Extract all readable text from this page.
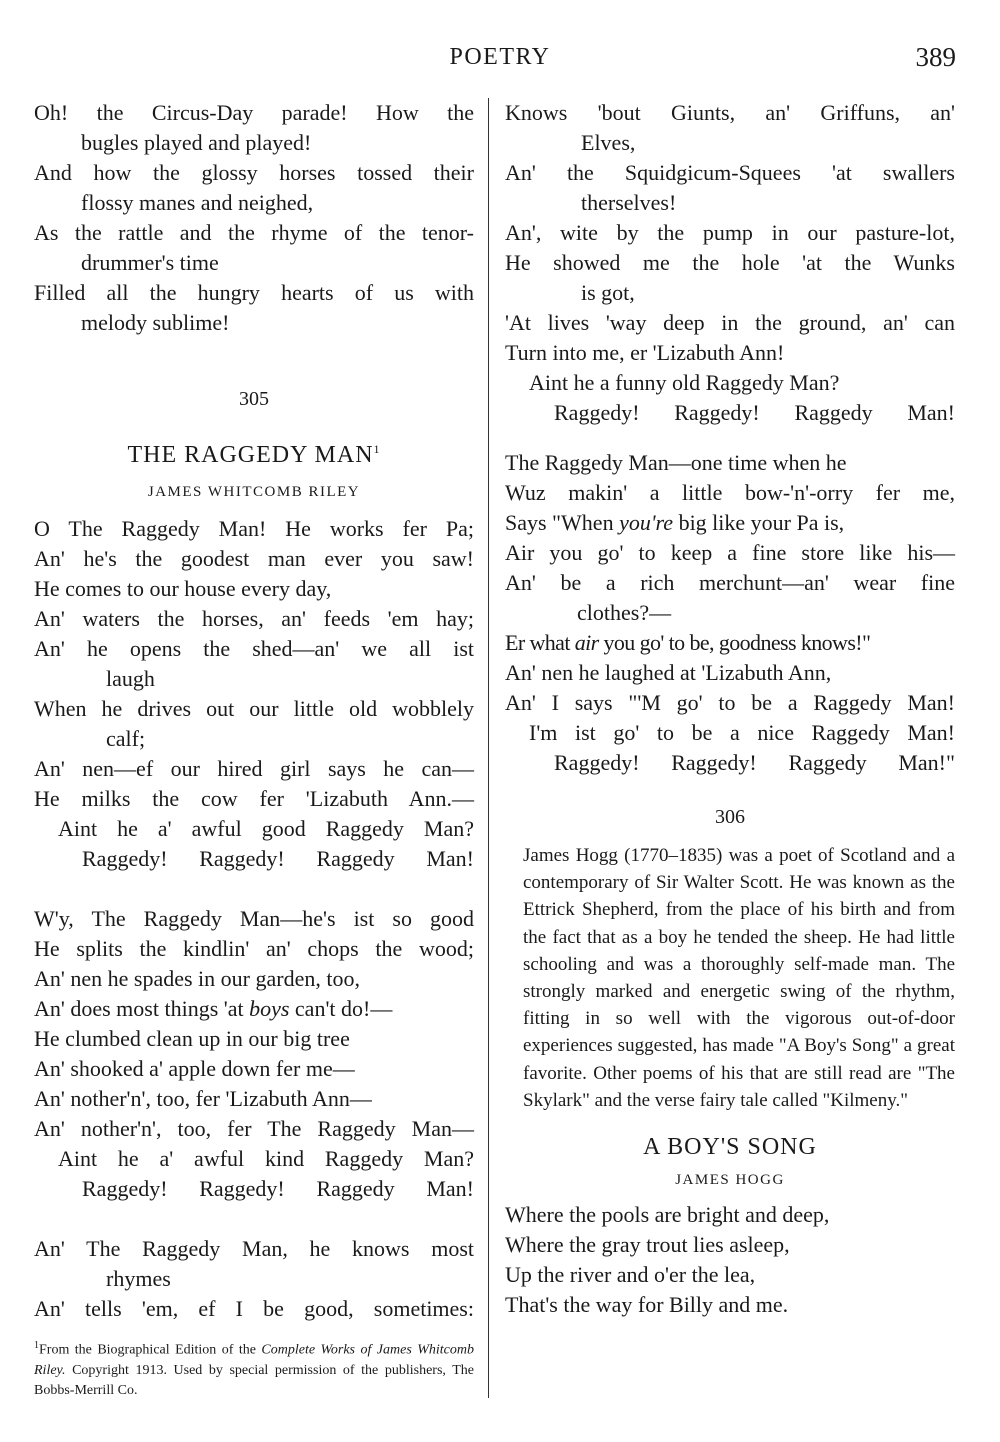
POETRY	389
Oh! the Circus-Day parade! How the
bugles played and played!
And how the glossy horses tossed their
flossy manes and neighed,
As the rattle and the rhyme of the tenor-
drummer's time
Filled all the hungry hearts of us with
melody sublime!
305
THE RAGGEDY MAN$^1$
JAMES WHITCOMB RILEY
O The Raggedy Man! He works fer Pa;
An' he's the goodest man ever you saw!
He comes to our house every day,
An' waters the horses, an' feeds 'em hay;
An' he opens the shed—an' we all ist
laugh
When he drives out our little old wobblely
calf;
An' nen—ef our hired girl says he can—
He milks the cow fer 'Lizabuth Ann.—
Aint he a' awful good Raggedy Man?
Raggedy! Raggedy! Raggedy Man!
W'y, The Raggedy Man—he's ist so good
He splits the kindlin' an' chops the wood;
An' nen he spades in our garden, too,
An' does most things 'at boys can't do!—
He clumbed clean up in our big tree
An' shooked a' apple down fer me—
An' nother'n', too, fer 'Lizabuth Ann—
An' nother'n', too, fer The Raggedy Man—
Aint he a' awful kind Raggedy Man?
Raggedy! Raggedy! Raggedy Man!
An' The Raggedy Man, he knows most
rhymes
An' tells 'em, ef I be good, sometimes:
$^1$From the Biographical Edition of the Complete Works of James Whitcomb Riley. Copyright 1913. Used by special permission of the publishers, The Bobbs-Merrill Co.
Knows 'bout Giunts, an' Griffuns, an'
Elves,
An' the Squidgicum-Squees 'at swallers
therselves!
An', wite by the pump in our pasture-lot,
He showed me the hole 'at the Wunks
is got,
'At lives 'way deep in the ground, an' can
Turn into me, er 'Lizabuth Ann!
Aint he a funny old Raggedy Man?
Raggedy! Raggedy! Raggedy Man!
The Raggedy Man—one time when he
Wuz makin' a little bow-'n'-orry fer me,
Says "When you're big like your Pa is,
Air you go' to keep a fine store like his—
An' be a rich merchunt—an' wear fine
clothes?—
Er what air you go' to be, goodness knows!"
An' nen he laughed at 'Lizabuth Ann,
An' I says "'M go' to be a Raggedy Man!
I'm ist go' to be a nice Raggedy Man!
Raggedy! Raggedy! Raggedy Man!"
306
James Hogg (1770–1835) was a poet of Scotland and a contemporary of Sir Walter Scott. He was known as the Ettrick Shepherd, from the place of his birth and from the fact that as a boy he tended the sheep. He had little schooling and was a thoroughly self-made man. The strongly marked and energetic swing of the rhythm, fitting in so well with the vigorous out-of-door experiences suggested, has made "A Boy's Song" a great favorite. Other poems of his that are still read are "The Skylark" and the verse fairy tale called "Kilmeny."
A BOY'S SONG
JAMES HOGG
Where the pools are bright and deep,
Where the gray trout lies asleep,
Up the river and o'er the lea,
That's the way for Billy and me.
